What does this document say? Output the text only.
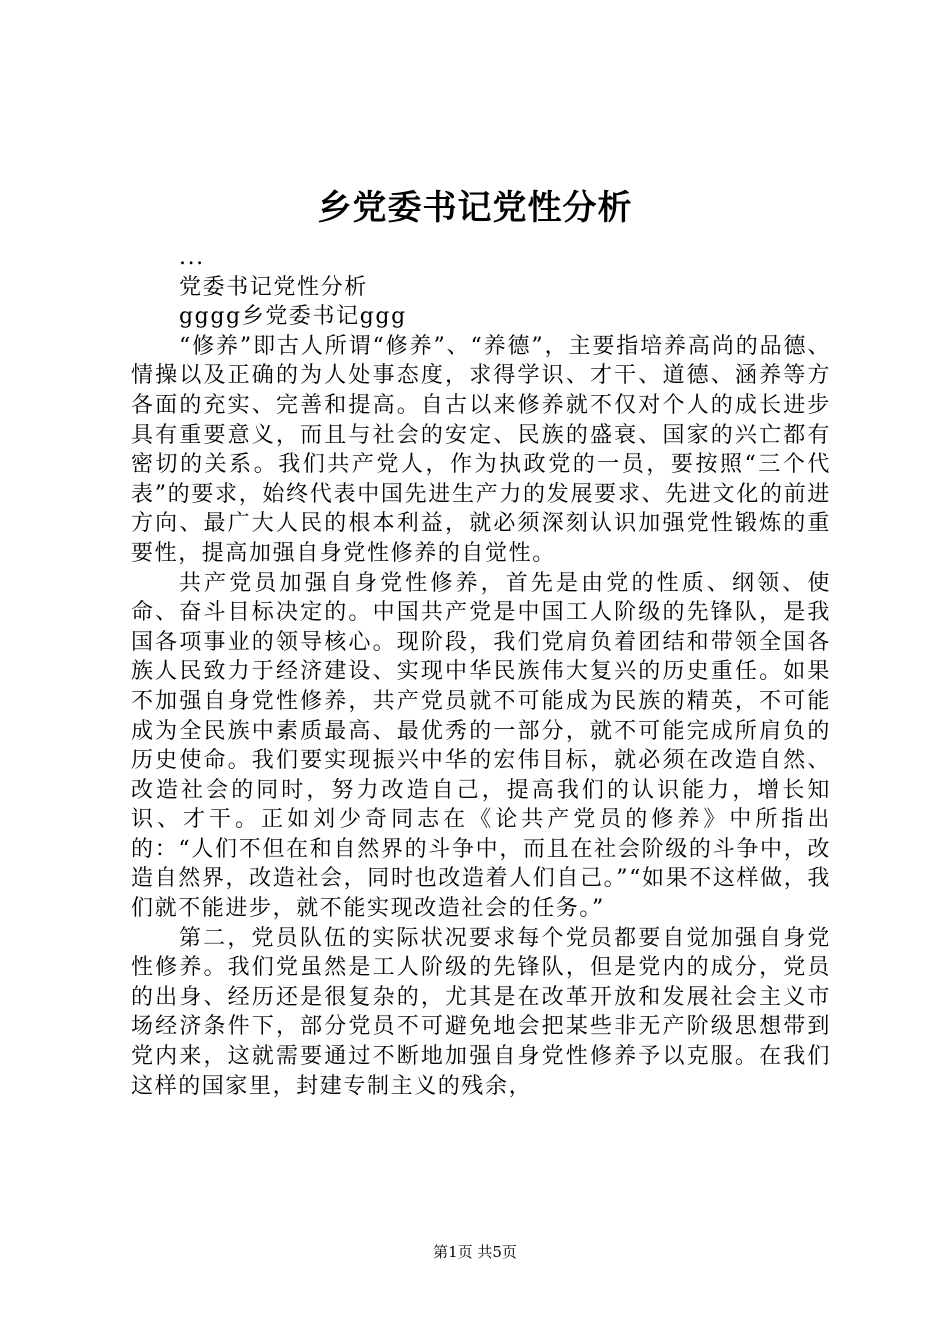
乡党委书记党性分析

...

党委书记党性分析

gggg乡党委书记ggg

“修养”即古人所谓“修养”、“养德”，主要指培养高尚的品德、情操以及正确的为人处事态度，求得学识、才干、道德、涵养等方各面的充实、完善和提高。自古以来修养就不仅对个人的成长进步具有重要意义，而且与社会的安定、民族的盛衰、国家的兴亡都有密切的关系。我们共产党人，作为执政党的一员，要按照“三个代表”的要求，始终代表中国先进生产力的发展要求、先进文化的前进方向、最广大人民的根本利益，就必须深刻认识加强党性锻炼的重要性，提高加强自身党性修养的自觉性。

共产党员加强自身党性修养，首先是由党的性质、纲领、使命、奋斗目标决定的。中国共产党是中国工人阶级的先锋队，是我国各项事业的领导核心。现阶段，我们党肩负着团结和带领全国各族人民致力于经济建设、实现中华民族伟大复兴的历史重任。如果不加强自身党性修养，共产党员就不可能成为民族的精英，不可能成为全民族中素质最高、最优秀的一部分，就不可能完成所肩负的历史使命。我们要实现振兴中华的宏伟目标，就必须在改造自然、改造社会的同时，努力改造自己，提高我们的认识能力，增长知识、才干。正如刘少奇同志在《论共产党员的修养》中所指出的：“人们不但在和自然界的斗争中，而且在社会阶级的斗争中，改造自然界，改造社会，同时也改造着人们自己。”“如果不这样做，我们就不能进步，就不能实现改造社会的任务。”

第二，党员队伍的实际状况要求每个党员都要自觉加强自身党性修养。我们党虽然是工人阶级的先锋队，但是党内的成分，党员的出身、经历还是很复杂的，尤其是在改革开放和发展社会主义市场经济条件下，部分党员不可避免地会把某些非无产阶级思想带到党内来，这就需要通过不断地加强自身党性修养予以克服。在我们这样的国家里，封建专制主义的残余，

第1页 共5页
